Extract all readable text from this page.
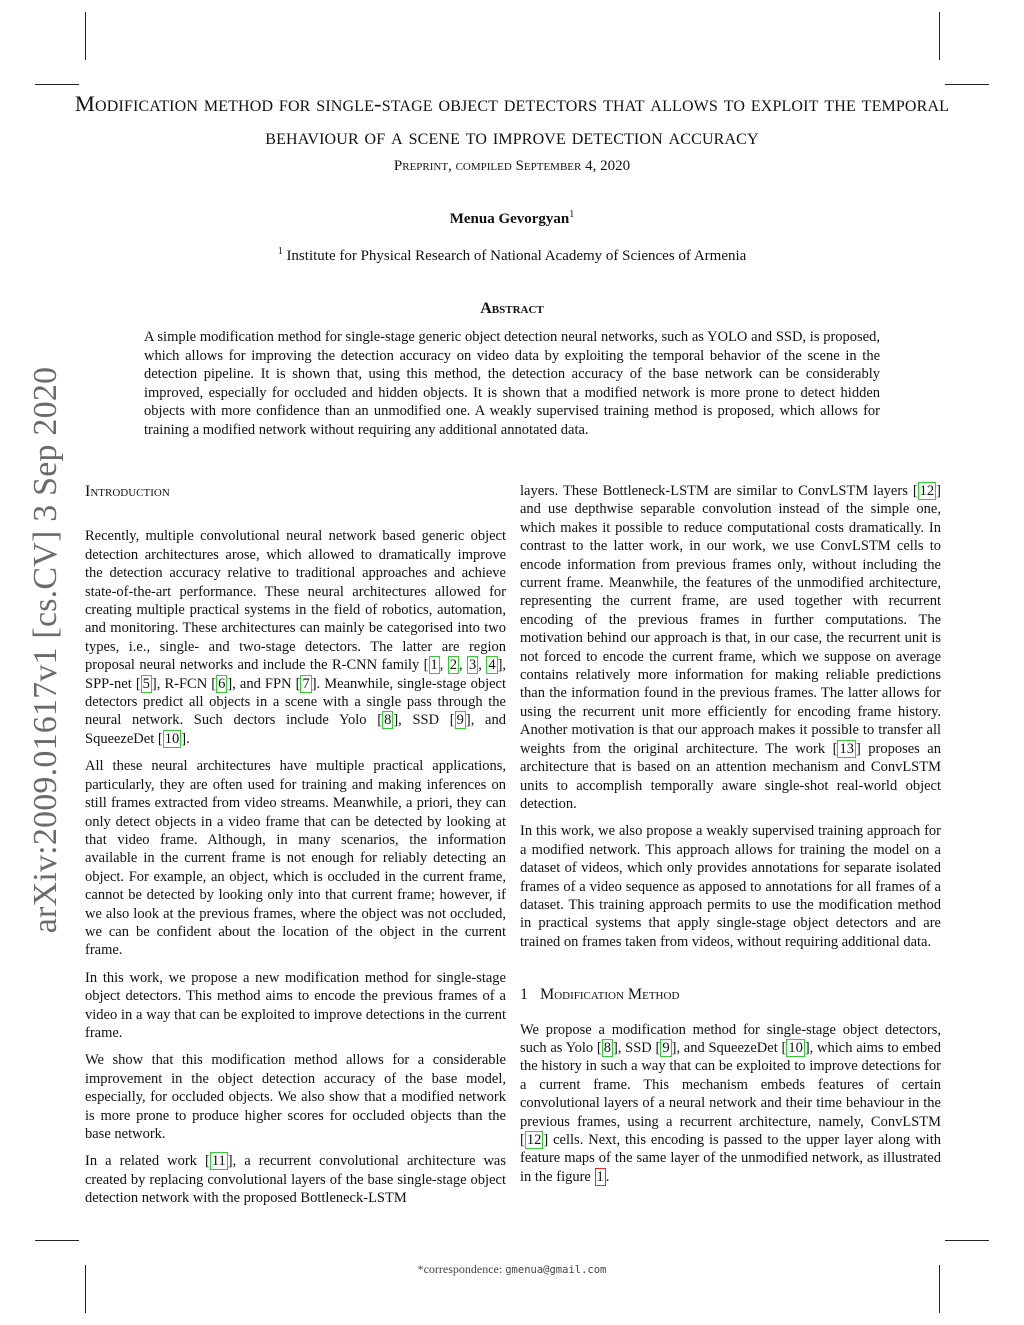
arXiv:2009.01617v1 [cs.CV] 3 Sep 2020
Modification method for single-stage object detectors that allows to exploit the temporal behaviour of a scene to improve detection accuracy
Preprint, compiled September 4, 2020
Menua Gevorgyan$^1$
$^1$ Institute for Physical Research of National Academy of Sciences of Armenia
Abstract
A simple modification method for single-stage generic object detection neural networks, such as YOLO and SSD, is proposed, which allows for improving the detection accuracy on video data by exploiting the temporal behavior of the scene in the detection pipeline. It is shown that, using this method, the detection accuracy of the base network can be considerably improved, especially for occluded and hidden objects. It is shown that a modified network is more prone to detect hidden objects with more confidence than an unmodified one. A weakly supervised training method is proposed, which allows for training a modified network without requiring any additional annotated data.
Introduction

Recently, multiple convolutional neural network based generic object detection architectures arose, which allowed to dramatically improve the detection accuracy relative to traditional approaches and achieve state-of-the-art performance. These neural architectures allowed for creating multiple practical systems in the field of robotics, automation, and monitoring. These architectures can mainly be categorised into two types, i.e., single- and two-stage detectors. The latter are region proposal neural networks and include the R-CNN family [ 1 , 2 , 3 , 4 ], SPP-net [ 5 ], R-FCN [ 6 ], and FPN [ 7 ]. Meanwhile, single-stage object detectors predict all objects in a scene with a single pass through the neural network. Such dectors include Yolo [ 8 ], SSD [ 9 ], and SqueezeDet [ 10 ].

All these neural architectures have multiple practical applications, particularly, they are often used for training and making inferences on still frames extracted from video streams. Meanwhile, a priori, they can only detect objects in a video frame that can be detected by looking at that video frame. Although, in many scenarios, the information available in the current frame is not enough for reliably detecting an object. For example, an object, which is occluded in the current frame, cannot be detected by looking only into that current frame; however, if we also look at the previous frames, where the object was not occluded, we can be confident about the location of the object in the current frame.

In this work, we propose a new modification method for single-stage object detectors. This method aims to encode the previous frames of a video in a way that can be exploited to improve detections in the current frame.

We show that this modification method allows for a considerable improvement in the object detection accuracy of the base model, especially, for occluded objects. We also show that a modified network is more prone to produce higher scores for occluded objects than the base network.

In a related work [ 11 ], a recurrent convolutional architecture was created by replacing convolutional layers of the base single-stage object detection network with the proposed Bottleneck-LSTM

layers. These Bottleneck-LSTM are similar to ConvLSTM layers [ 12 ] and use depthwise separable convolution instead of the simple one, which makes it possible to reduce computational costs dramatically. In contrast to the latter work, in our work, we use ConvLSTM cells to encode information from previous frames only, without including the current frame. Meanwhile, the features of the unmodified architecture, representing the current frame, are used together with recurrent encoding of the previous frames in further computations. The motivation behind our approach is that, in our case, the recurrent unit is not forced to encode the current frame, which we suppose on average contains relatively more information for making reliable predictions than the information found in the previous frames. The latter allows for using the recurrent unit more efficiently for encoding frame history. Another motivation is that our approach makes it possible to transfer all weights from the original architecture. The work [ 13 ] proposes an architecture that is based on an attention mechanism and ConvLSTM units to accomplish temporally aware single-shot real-world object detection.

In this work, we also propose a weakly supervised training approach for a modified network. This approach allows for training the model on a dataset of videos, which only provides annotations for separate isolated frames of a video sequence as apposed to annotations for all frames of a dataset. This training approach permits to use the modification method in practical systems that apply single-stage object detectors and are trained on frames taken from videos, without requiring additional data.

1 Modification Method

We propose a modification method for single-stage object detectors, such as Yolo [ 8 ], SSD [ 9 ], and SqueezeDet [ 10 ], which aims to embed the history in such a way that can be exploited to improve detections for a current frame. This mechanism embeds features of certain convolutional layers of a neural network and their time behaviour in the previous frames, using a recurrent architecture, namely, ConvLSTM [ 12 ] cells. Next, this encoding is passed to the upper layer along with feature maps of the same layer of the unmodified network, as illustrated in the figure 1 .

*correspondence: gmenua@gmail.com
